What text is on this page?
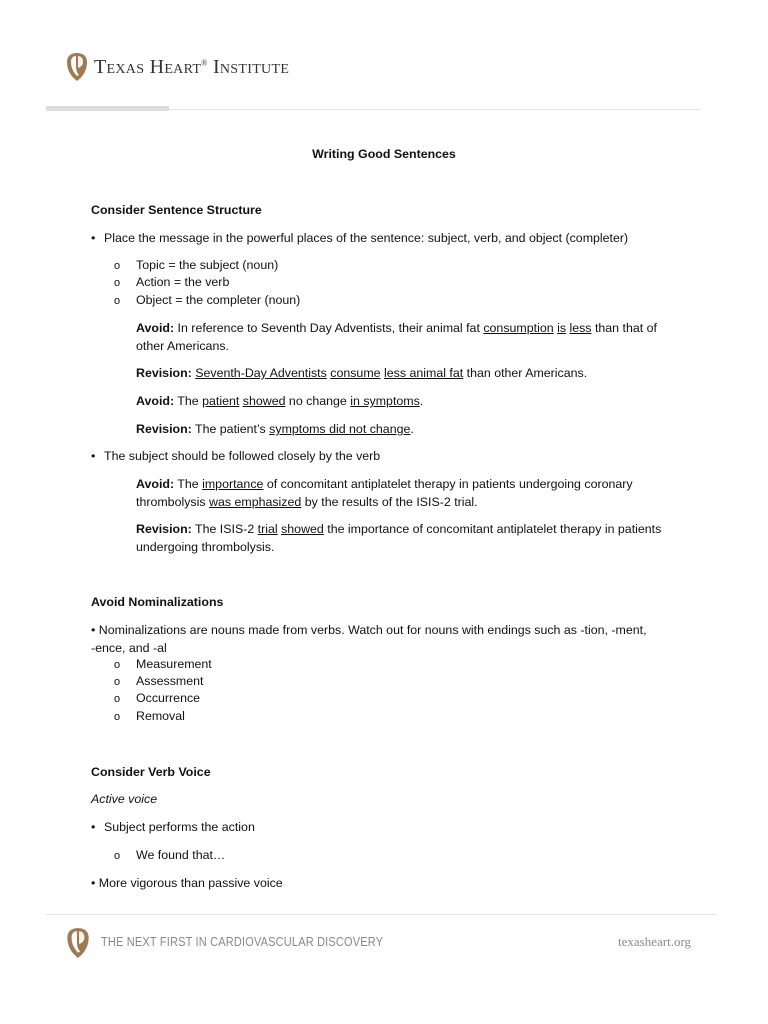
Texas Heart® Institute
Writing Good Sentences
Consider Sentence Structure
• Place the message in the powerful places of the sentence: subject, verb, and object (completer)
o Topic = the subject (noun)
o Action = the verb
o Object = the completer (noun)
Avoid: In reference to Seventh Day Adventists, their animal fat consumption is less than that of
other Americans.
Revision: Seventh-Day Adventists consume less animal fat than other Americans.
Avoid: The patient showed no change in symptoms.
Revision: The patient’s symptoms did not change.
• The subject should be followed closely by the verb
Avoid: The importance of concomitant antiplatelet therapy in patients undergoing coronary
thrombolysis was emphasized by the results of the ISIS-2 trial.
Revision: The ISIS-2 trial showed the importance of concomitant antiplatelet therapy in patients
undergoing thrombolysis.
Avoid Nominalizations
• Nominalizations are nouns made from verbs. Watch out for nouns with endings such as -tion, -ment,
-ence, and -al
o Measurement
o Assessment
o Occurrence
o Removal
Consider Verb Voice
Active voice
• Subject performs the action
o We found that…
• More vigorous than passive voice
THE NEXT FIRST IN CARDIOVASCULAR DISCOVERY	texasheart.org
